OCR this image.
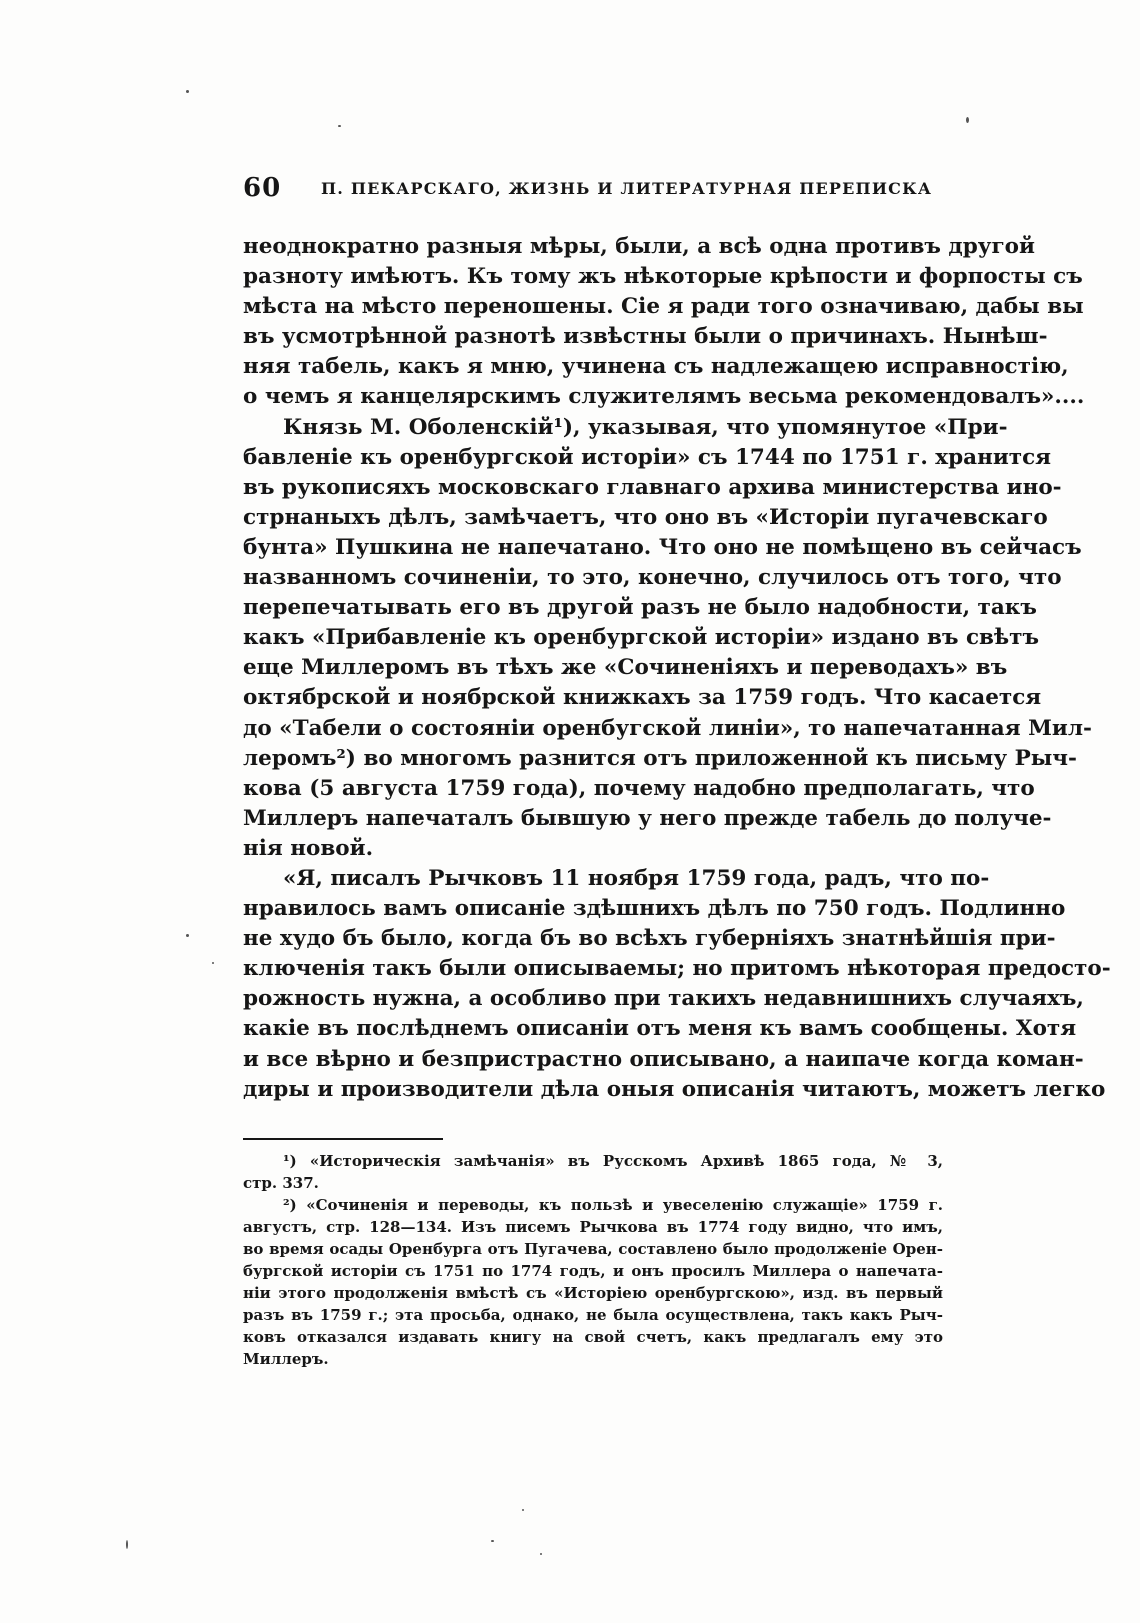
60 П. ПЕКАРСКАГО, ЖИЗНЬ И ЛИТЕРАТУРНАЯ ПЕРЕПИСКА
неоднократно разныя мѣры, были, а всѣ одна противъ другой
разноту имѣютъ. Къ тому жъ нѣкоторые крѣпости и форпосты съ
мѣста на мѣсто переношены. Сіе я ради того означиваю, дабы вы
въ усмотрѣнной разнотѣ извѣстны были о причинахъ. Нынѣш-
няя табель, какъ я мню, учинена съ надлежащею исправностію,
о чемъ я канцелярскимъ служителямъ весьма рекомендовалъ»....
Князь М. Оболенскій¹), указывая, что упомянутое «При-
бавленіе къ оренбургской исторіи» съ 1744 по 1751 г. хранится
въ рукописяхъ московскаго главнаго архива министерства ино-
стрнаныхъ дѣлъ, замѣчаетъ, что оно въ «Исторіи пугачевскаго
бунта» Пушкина не напечатано. Что оно не помѣщено въ сейчасъ
названномъ сочиненіи, то это, конечно, случилось отъ того, что
перепечатывать его въ другой разъ не было надобности, такъ
какъ «Прибавленіе къ оренбургской исторіи» издано въ свѣтъ
еще Миллеромъ въ тѣхъ же «Сочиненіяхъ и переводахъ» въ
октябрской и ноябрской книжкахъ за 1759 годъ. Что касается
до «Табели о состояніи оренбугской линіи», то напечатанная Мил-
леромъ²) во многомъ разнится отъ приложенной къ письму Рыч-
кова (5 августа 1759 года), почему надобно предполагать, что
Миллеръ напечаталъ бывшую у него прежде табель до получе-
нія новой.
«Я, писалъ Рычковъ 11 ноября 1759 года, радъ, что по-
нравилось вамъ описаніе здѣшнихъ дѣлъ по 750 годъ. Подлинно
не худо бъ было, когда бъ во всѣхъ губерніяхъ знатнѣйшія при-
ключенія такъ были описываемы; но притомъ нѣкоторая предосто-
рожность нужна, а особливо при такихъ недавнишнихъ случаяхъ,
какіе въ послѣднемъ описаніи отъ меня къ вамъ сообщены. Хотя
и все вѣрно и безпристрастно описывано, а наипаче когда коман-
диры и производители дѣла оныя описанія читаютъ, можетъ легко
¹) «Историческія замѣчанія» въ Русскомъ Архивѣ 1865 года, № 3,
стр. 337.
²) «Сочиненія и переводы, къ пользѣ и увеселенію служащіе» 1759 г.
августъ, стр. 128—134. Изъ писемъ Рычкова въ 1774 году видно, что имъ,
во время осады Оренбурга отъ Пугачева, составлено было продолженіе Орен-
бургской исторіи съ 1751 по 1774 годъ, и онъ просилъ Миллера о напечата-
ніи этого продолженія вмѣстѣ съ «Исторіею оренбургскою», изд. въ первый
разъ въ 1759 г.; эта просьба, однако, не была осуществлена, такъ какъ Рыч-
ковъ отказался издавать книгу на свой счетъ, какъ предлагалъ ему это
Миллеръ.
